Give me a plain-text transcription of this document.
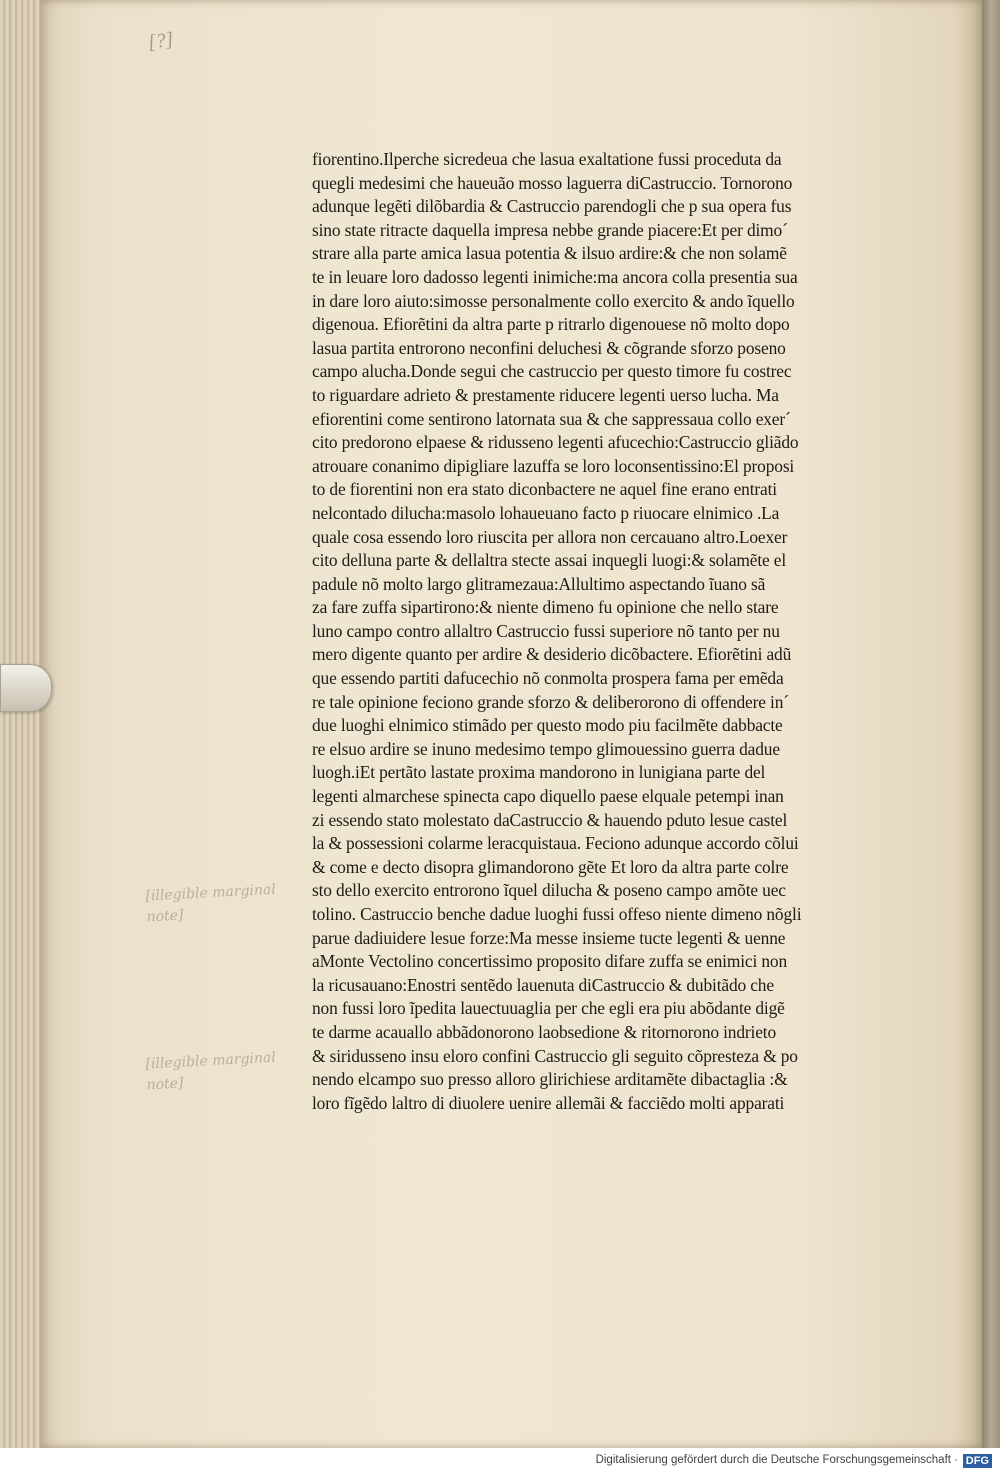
[?]
[illegible marginal note]
[illegible marginal note]
fiorentino.Ilperche sicredeua che lasua exaltatione fussi proceduta da
quegli medesimi che haueuão mosso laguerra diCastruccio. Tornorono
adunque legẽti dilõbardia & Castruccio parendogli che p sua opera fus
sino state ritracte daquella impresa nebbe grande piacere:Et per dimo´
strare alla parte amica lasua potentia & ilsuo ardire:& che non solamẽ
te in leuare loro dadosso legenti inimiche:ma ancora colla presentia sua
in dare loro aiuto:simosse personalmente collo exercito & ando ĩquello
digenoua. Efiorẽtini da altra parte p ritrarlo digenouese nõ molto dopo
lasua partita entrorono neconfini deluchesi & cõgrande sforzo poseno
campo alucha.Donde segui che castruccio per questo timore fu costrec
to riguardare adrieto & prestamente riducere legenti uerso lucha. Ma
efiorentini come sentirono latornata sua & che sappressaua collo exer´
cito predorono elpaese & ridusseno legenti afucechio:Castruccio gliãdo
atrouare conanimo dipigliare lazuffa se loro loconsentissino:El proposi
to de fiorentini non era stato diconbactere ne aquel fine erano entrati
nelcontado dilucha:masolo lohaueuano facto p riuocare elnimico .La
quale cosa essendo loro riuscita per allora non cercauano altro.Loexer
cito delluna parte & dellaltra stecte assai inquegli luogi:& solamẽte el
padule nõ molto largo glitramezaua:Allultimo aspectando ĩuano sã
za fare zuffa sipartirono:& niente dimeno fu opinione che nello stare
luno campo contro allaltro Castruccio fussi superiore nõ tanto per nu
mero digente quanto per ardire & desiderio dicõbactere. Efiorẽtini adũ
que essendo partiti dafucechio nõ conmolta prospera fama per emẽda
re tale opinione feciono grande sforzo & deliberorono di offendere in´
due luoghi elnimico stimãdo per questo modo piu facilmẽte dabbacte
re elsuo ardire se inuno medesimo tempo glimouessino guerra dadue
luogh.iEt pertãto lastate proxima mandorono in lunigiana parte del
legenti almarchese spinecta capo diquello paese elquale petempi inan
zi essendo stato molestato daCastruccio & hauendo pduto lesue castel
la & possessioni colarme leracquistaua. Feciono adunque accordo cõlui
& come e decto disopra glimandorono gẽte Et loro da altra parte colre
sto dello exercito entrorono ĩquel dilucha & poseno campo amõte uec
tolino. Castruccio benche dadue luoghi fussi offeso niente dimeno nõgli
parue dadiuidere lesue forze:Ma messe insieme tucte legenti & uenne
aMonte Vectolino concertissimo proposito difare zuffa se enimici non
la ricusauano:Enostri sentẽdo lauenuta diCastruccio & dubitãdo che
non fussi loro ĩpedita lauectuuaglia per che egli era piu abõdante digẽ
te darme acauallo abbãdonorono laobsedione & ritornorono indrieto
& siridusseno insu eloro confini Castruccio gli seguito cõpresteza & po
nendo elcampo suo presso alloro glirichiese arditamẽte dibactaglia :&
loro fĩgẽdo laltro di diuolere uenire allemãi & facciẽdo molti apparati
Digitalisierung gefördert durch die Deutsche Forschungsgemeinschaft · DFG
